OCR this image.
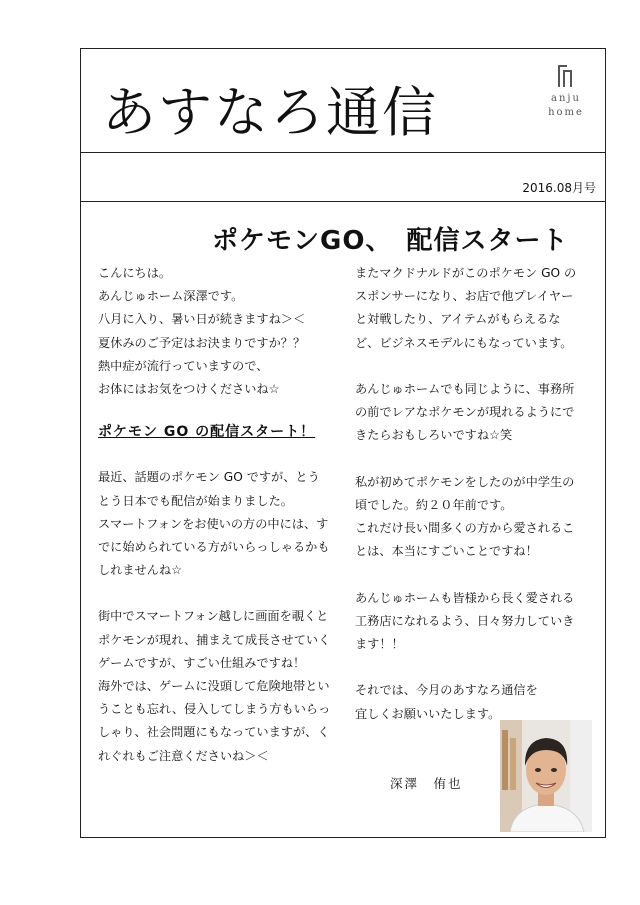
あすなろ通信	anju
home
2016.08月号
ポケモンGO、　配信スタート
こんにちは。
あんじゅホーム深澤です。
八月に入り、暑い日が続きますね＞＜
夏休みのご予定はお決まりですか？？
熱中症が流行っていますので、
お体にはお気をつけくださいね☆
ポケモン GO の配信スタート！
最近、話題のポケモン GO ですが、とう
とう日本でも配信が始まりました。
スマートフォンをお使いの方の中には、す
でに始められている方がいらっしゃるかも
しれませんね☆
街中でスマートフォン越しに画面を覗くと
ポケモンが現れ、捕まえて成長させていく
ゲームですが、すごい仕組みですね！
海外では、ゲームに没頭して危険地帯とい
うことも忘れ、侵入してしまう方もいらっ
しゃり、社会問題にもなっていますが、く
れぐれもご注意くださいね＞＜
またマクドナルドがこのポケモン GO の
スポンサーになり、お店で他プレイヤー
と対戦したり、アイテムがもらえるな
ど、ビジネスモデルにもなっています。
あんじゅホームでも同じように、事務所
の前でレアなポケモンが現れるようにで
きたらおもしろいですね☆笑
私が初めてポケモンをしたのが中学生の
頃でした。約２０年前です。
これだけ長い間多くの方から愛されるこ
とは、本当にすごいことですね！
あんじゅホームも皆様から長く愛される
工務店になれるよう、日々努力していき
ます！！
それでは、今月のあすなろ通信を
宜しくお願いいたします。
深澤　侑也
